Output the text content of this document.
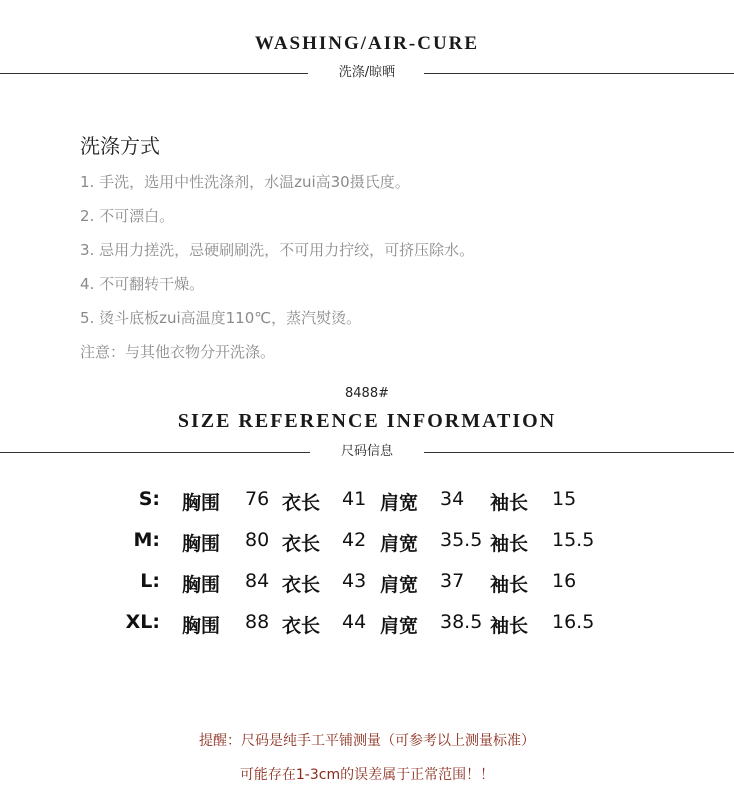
WASHING/AIR-CURE
洗涤/晾晒
洗涤方式
1. 手洗，选用中性洗涤剂，水温zui高30摄氏度。
2. 不可漂白。
3. 忌用力搓洗，忌硬刷刷洗，不可用力拧绞，可挤压除水。
4. 不可翻转干燥。
5. 烫斗底板zui高温度110℃，蒸汽熨烫。
注意：与其他衣物分开洗涤。
8488#
SIZE REFERENCE INFORMATION
尺码信息
S: 胸围 76 衣长 41 肩宽 34 袖长 15
M: 胸围 80 衣长 42 肩宽 35.5 袖长 15.5
L: 胸围 84 衣长 43 肩宽 37 袖长 16
XL: 胸围 88 衣长 44 肩宽 38.5 袖长 16.5
提醒：尺码是纯手工平铺测量（可参考以上测量标准）
可能存在1-3cm的误差属于正常范围！！
